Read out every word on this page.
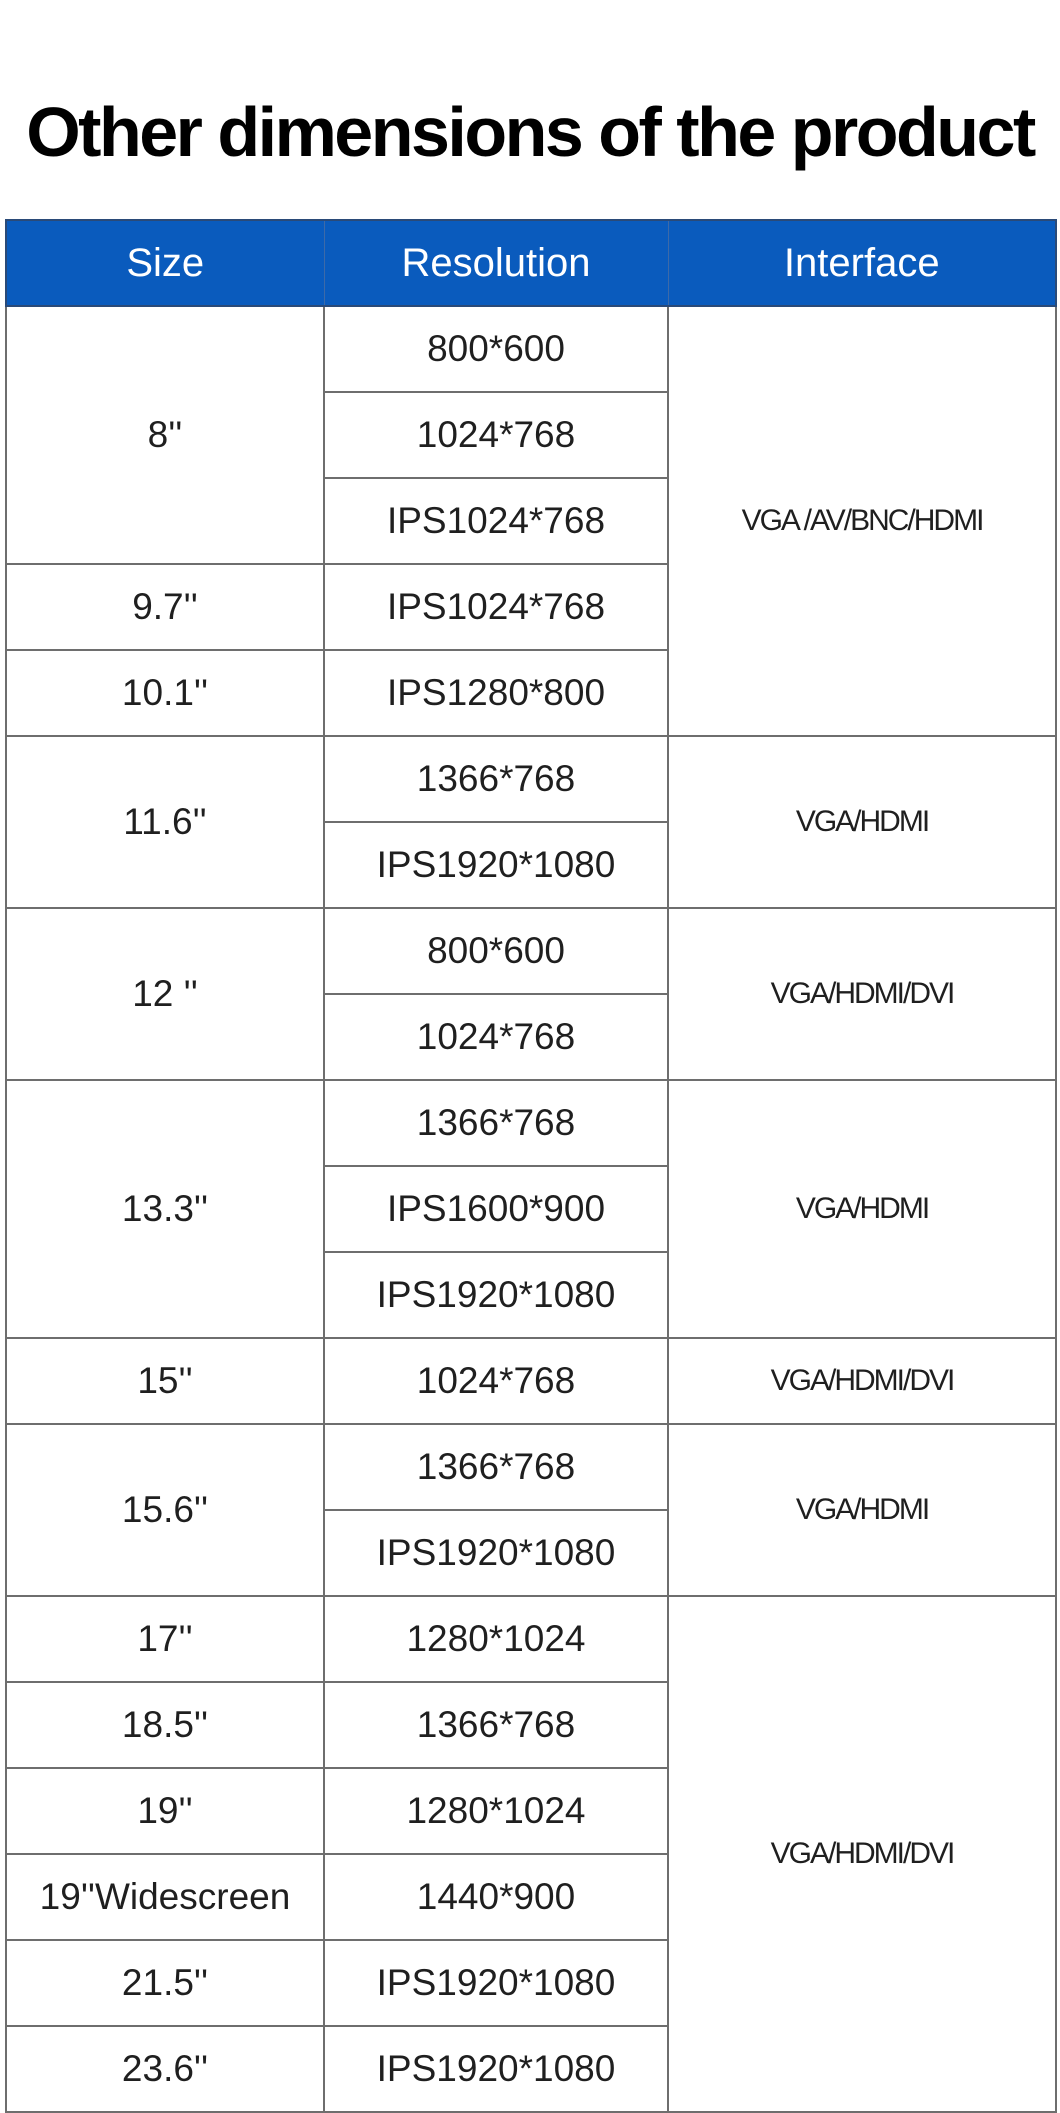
Other dimensions of the product
Size	Resolution	Interface
8''	800*600	VGA /AV/BNC/HDMI
	1024*768	
	IPS1024*768	
9.7''	IPS1024*768	
10.1''	IPS1280*800	
11.6''	1366*768	VGA/HDMI
	IPS1920*1080	
12 ''	800*600	VGA/HDMI/DVI
	1024*768	
13.3''	1366*768	VGA/HDMI
	IPS1600*900	
	IPS1920*1080	
15''	1024*768	VGA/HDMI/DVI
15.6''	1366*768	VGA/HDMI
	IPS1920*1080	
17''	1280*1024	VGA/HDMI/DVI
18.5''	1366*768	
19''	1280*1024	
19''Widescreen	1440*900	
21.5''	IPS1920*1080	
23.6''	IPS1920*1080	
